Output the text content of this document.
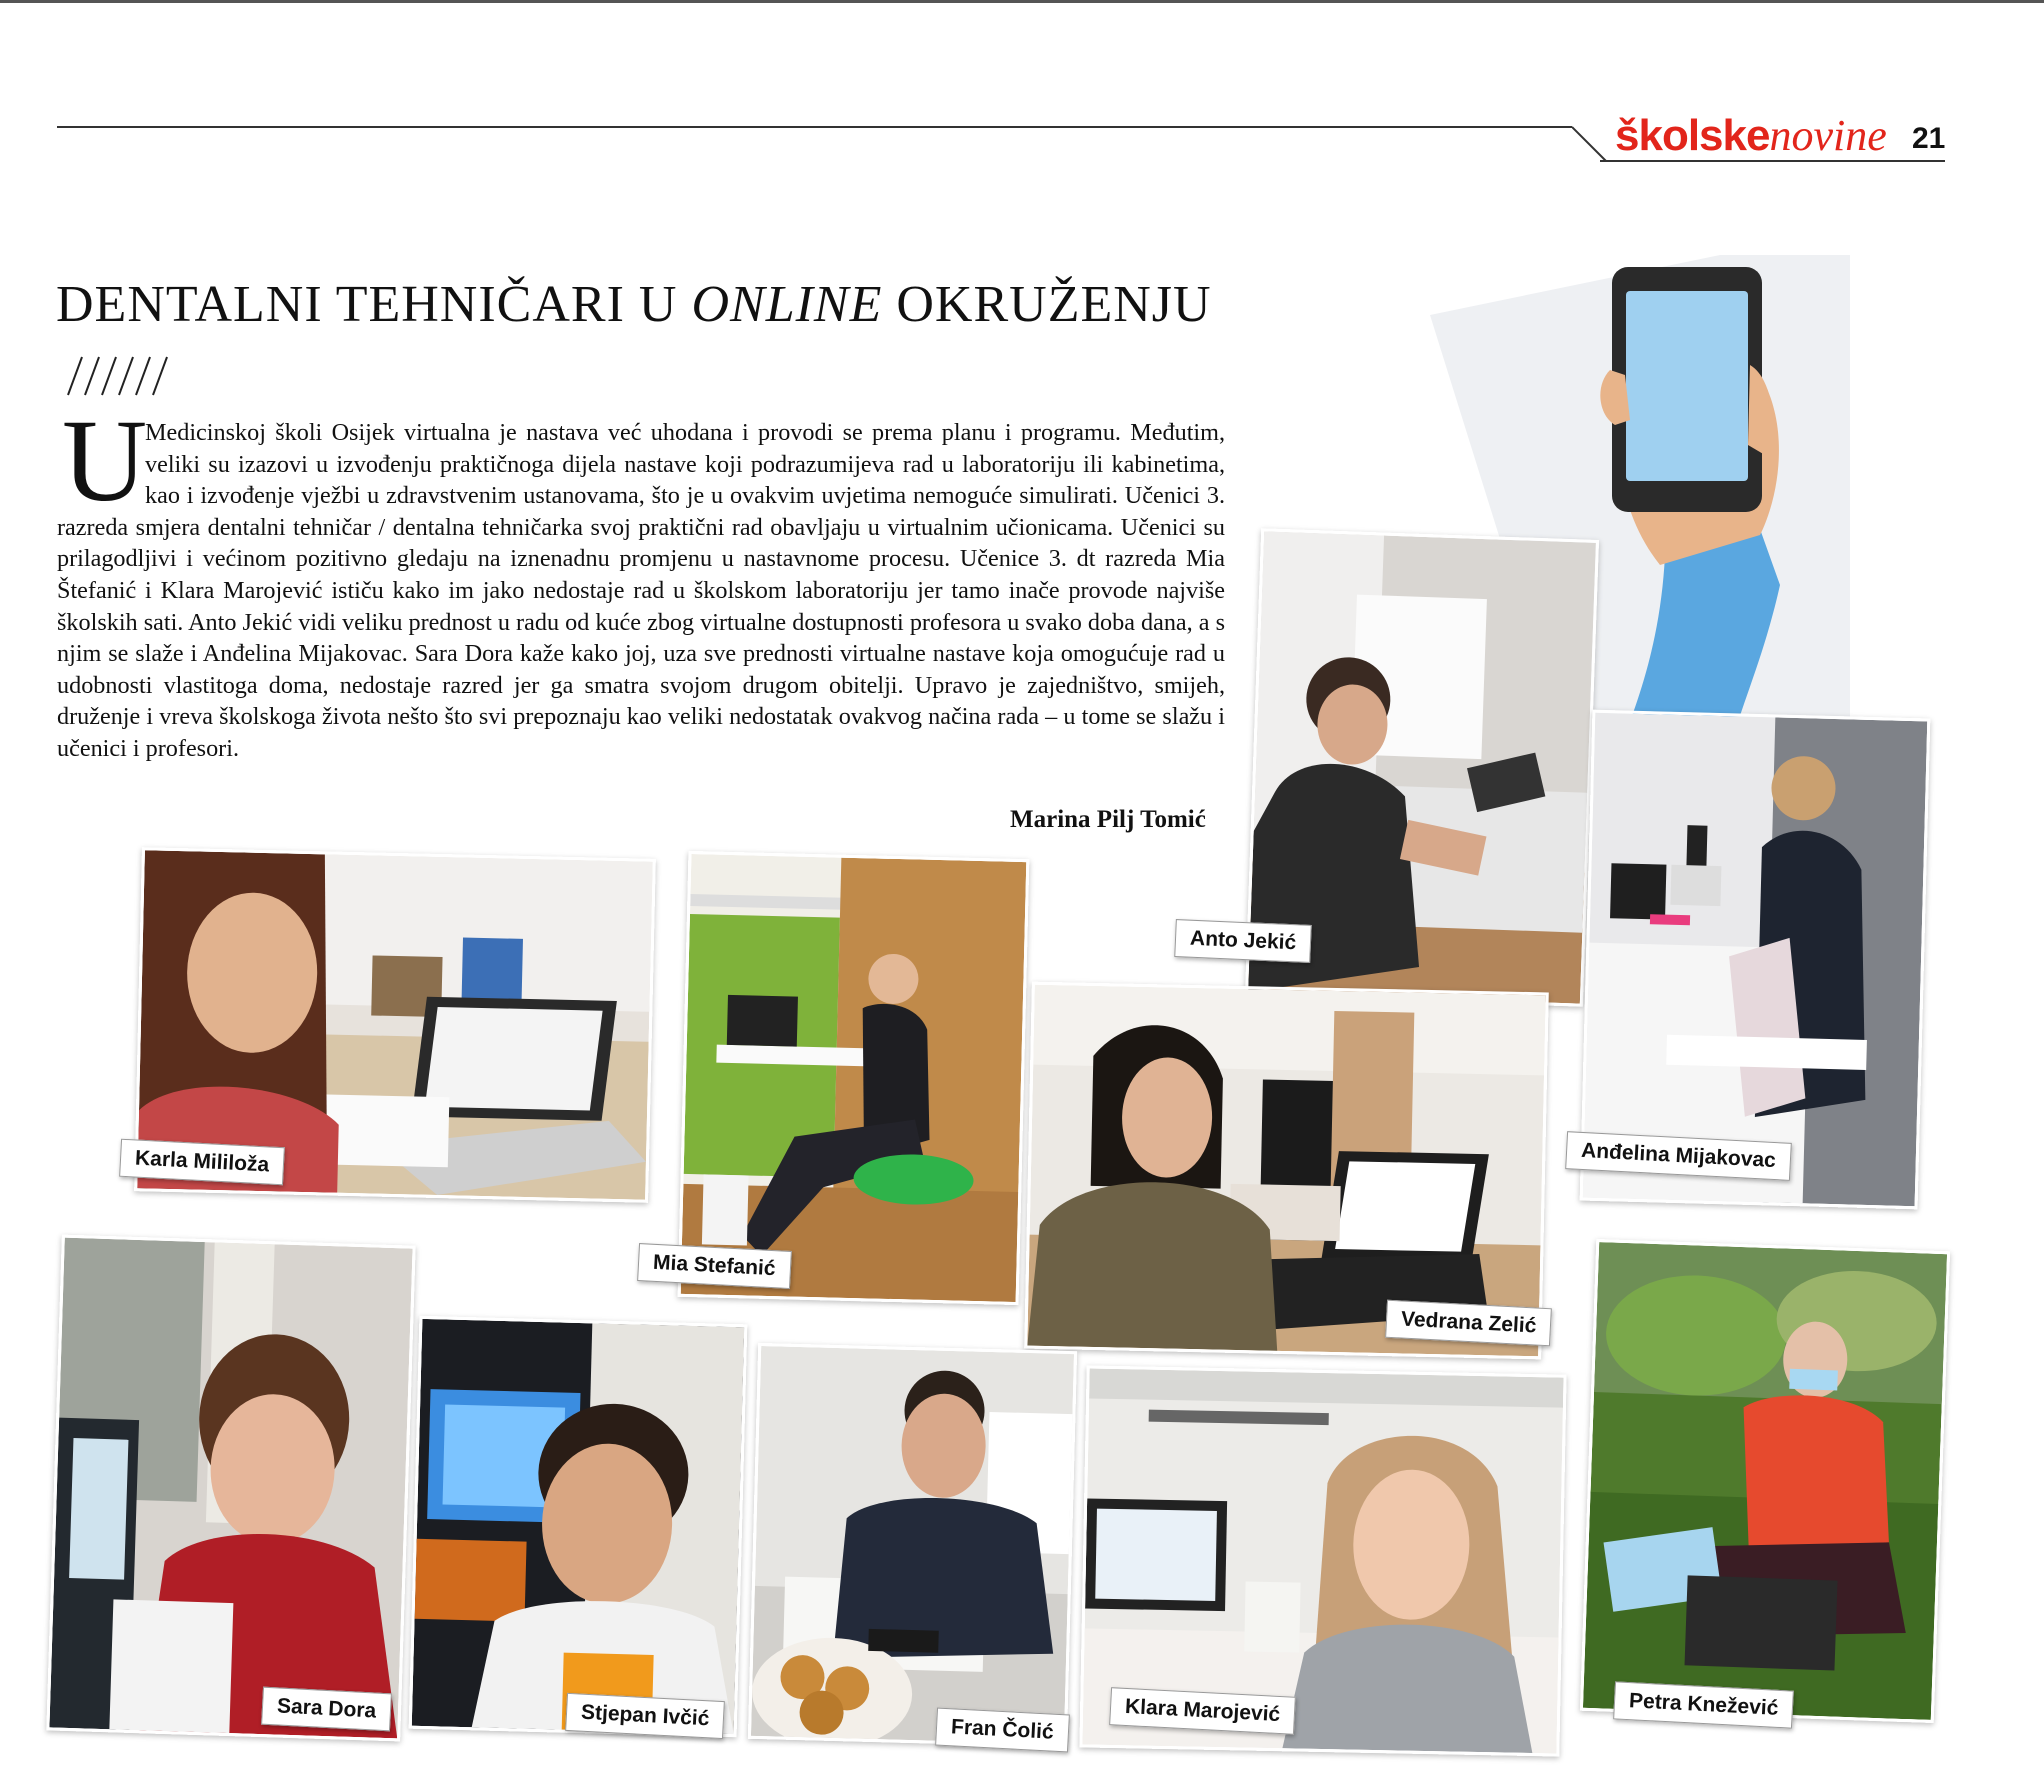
školskenovine 21
DENTALNI TEHNIČARI U ONLINE OKRUŽENJU
U

Medicinskoj školi Osijek virtualna je nastava već uhodana i provodi se prema planu i programu. Međutim, veliki su izazovi u izvođenju praktičnoga dijela nastave koji podrazumijeva rad u laboratoriju ili kabinetima, kao i izvođenje vježbi u zdravstvenim ustanovama, što je u ovakvim uvjetima nemoguće simulirati. Učenici 3. razreda smjera dentalni tehničar / dentalna tehničarka svoj praktični rad obavljaju u virtualnim učionicama. Učenici su prilagodljivi i većinom pozitivno gledaju na iznenadnu promjenu u nastavnome procesu. Učenice 3. dt razreda Mia Štefanić i Klara Marojević ističu kako im jako nedostaje rad u školskom laboratoriju jer tamo inače provode najviše školskih sati. Anto Jekić vidi veliku prednost u radu od kuće zbog virtualne dostupnosti profesora u svako doba dana, a s njim se slaže i Anđelina Mijakovac. Sara Dora kaže kako joj, uza sve prednosti virtualne nastave koja omogućuje rad u udobnosti vlastitoga doma, nedostaje razred jer ga smatra svojom drugom obitelji. Upravo je zajedništvo, smijeh, druženje i vreva školskoga života nešto što svi prepoznaju kao veliki nedostatak ovakvog načina rada – u tome se slažu i učenici i profesori.

Marina Pilj Tomić
Anto Jekić
Anđelina Mijakovac
Karla Mililoža
Mia Stefanić
Vedrana Zelić
Sara Dora	Stjepan Ivčić	Fran Čolić
Klara Marojević	Petra Knežević
